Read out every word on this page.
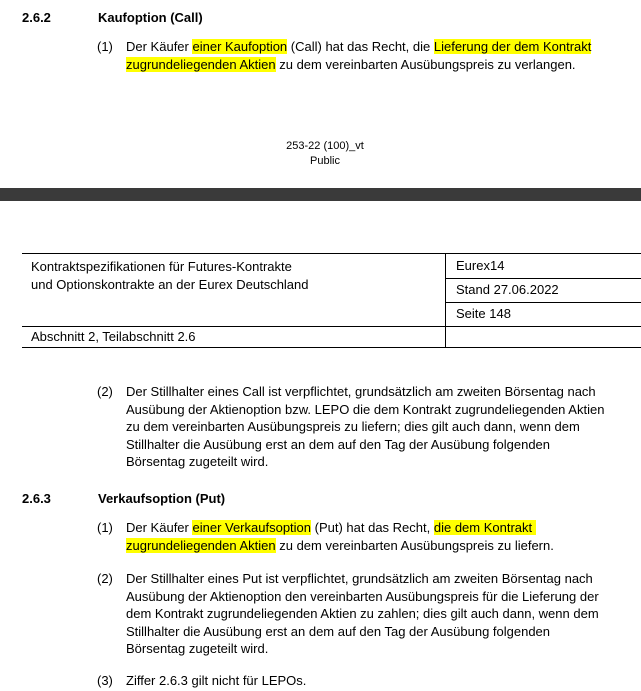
2.6.2	Kaufoption (Call)
(1) Der Käufer einer Kaufoption (Call) hat das Recht, die Lieferung der dem Kontrakt
zugrundeliegenden Aktien zu dem vereinbarten Ausübungspreis zu verlangen.
253-22 (100)_vt
Public
Kontraktspezifikationen für Futures-Kontrakte
und Optionskontrakte an der Eurex Deutschland
Eurex14
Stand 27.06.2022
Seite 148
Abschnitt 2, Teilabschnitt 2.6
(2) Der Stillhalter eines Call ist verpflichtet, grundsätzlich am zweiten Börsentag nach
Ausübung der Aktienoption bzw. LEPO die dem Kontrakt zugrundeliegenden Aktien
zu dem vereinbarten Ausübungspreis zu liefern; dies gilt auch dann, wenn dem
Stillhalter die Ausübung erst an dem auf den Tag der Ausübung folgenden
Börsentag zugeteilt wird.
2.6.3	Verkaufsoption (Put)
(1) Der Käufer einer Verkaufsoption (Put) hat das Recht, die dem Kontrakt
zugrundeliegenden Aktien zu dem vereinbarten Ausübungspreis zu liefern.
(2) Der Stillhalter eines Put ist verpflichtet, grundsätzlich am zweiten Börsentag nach
Ausübung der Aktienoption den vereinbarten Ausübungspreis für die Lieferung der
dem Kontrakt zugrundeliegenden Aktien zu zahlen; dies gilt auch dann, wenn dem
Stillhalter die Ausübung erst an dem auf den Tag der Ausübung folgenden
Börsentag zugeteilt wird.
(3) Ziffer 2.6.3 gilt nicht für LEPOs.
